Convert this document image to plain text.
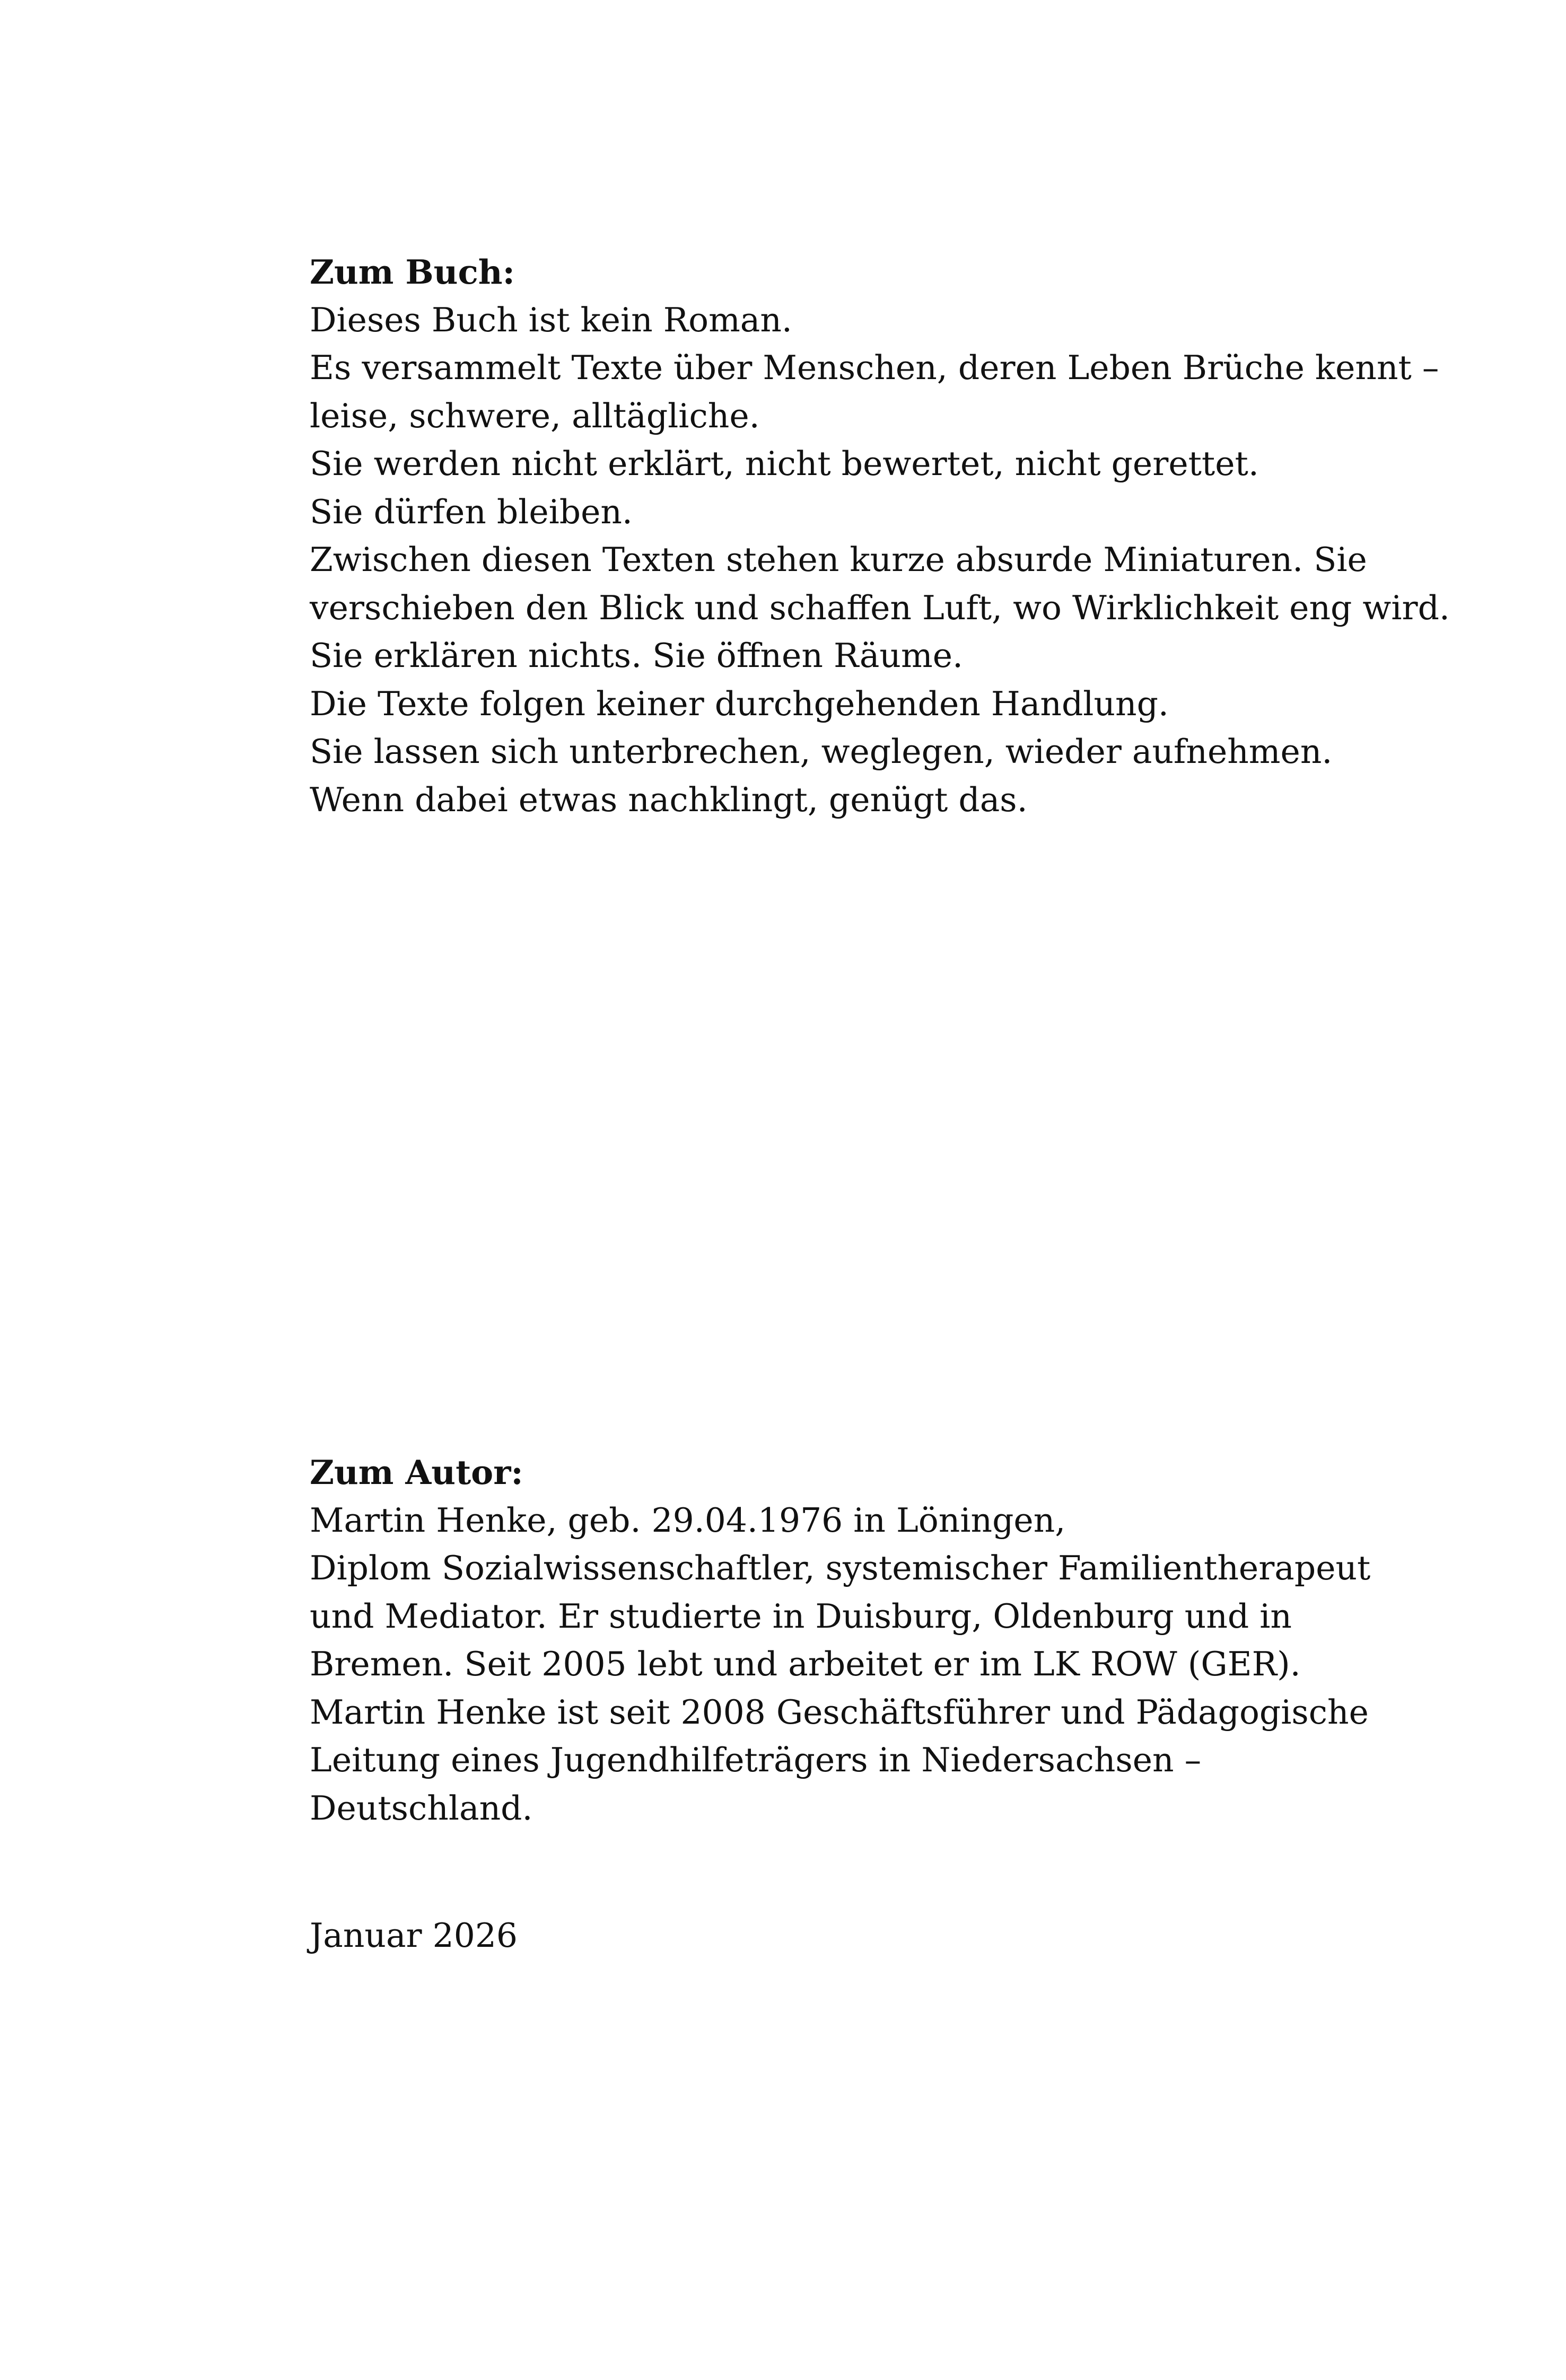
Zum Buch:
Dieses Buch ist kein Roman.
Es versammelt Texte über Menschen, deren Leben Brüche kennt –
leise, schwere, alltägliche.
Sie werden nicht erklärt, nicht bewertet, nicht gerettet.
Sie dürfen bleiben.
Zwischen diesen Texten stehen kurze absurde Miniaturen. Sie
verschieben den Blick und schaffen Luft, wo Wirklichkeit eng wird.
Sie erklären nichts. Sie öffnen Räume.
Die Texte folgen keiner durchgehenden Handlung.
Sie lassen sich unterbrechen, weglegen, wieder aufnehmen.
Wenn dabei etwas nachklingt, genügt das.
Zum Autor:
Martin Henke, geb. 29.04.1976 in Löningen,
Diplom Sozialwissenschaftler, systemischer Familientherapeut
und Mediator. Er studierte in Duisburg, Oldenburg und in
Bremen. Seit 2005 lebt und arbeitet er im LK ROW (GER).
Martin Henke ist seit 2008 Geschäftsführer und Pädagogische
Leitung eines Jugendhilfeträgers in Niedersachsen –
Deutschland.
Januar 2026
